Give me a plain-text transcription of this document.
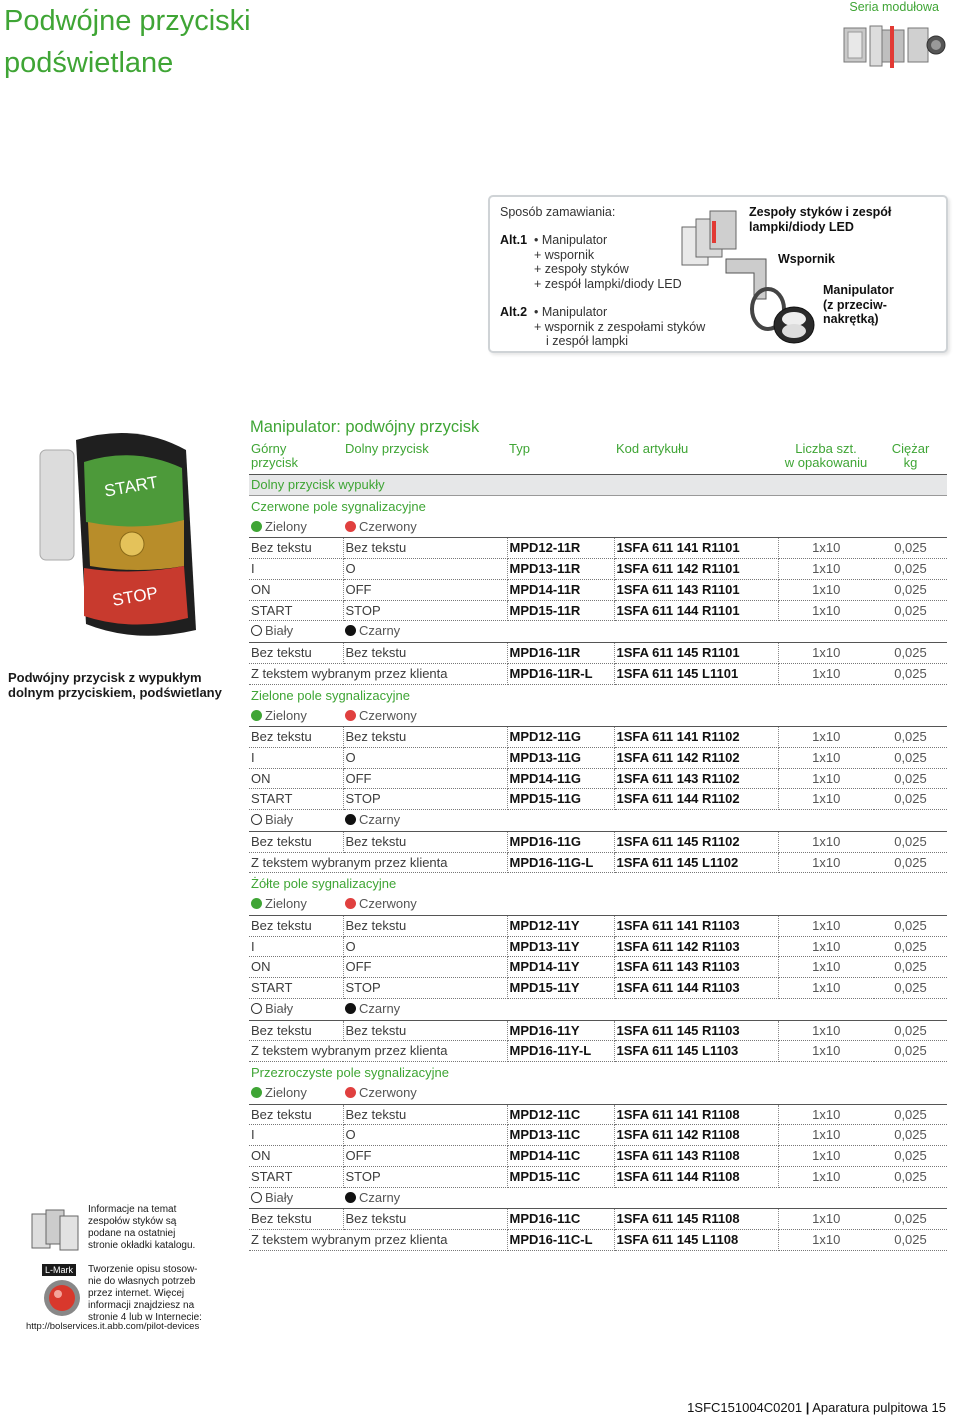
Podwójne przyciski
podświetlane
Seria modułowa
Sposób zamawiania:
Alt.1 • Manipulator
+ wspornik
+ zespoły styków
+ zespół lampki/diody LED
Alt.2 • Manipulator
+ wspornik z zespołami styków
i zespół lampki
Zespoły styków i zespół
lampki/diody LED
Wspornik
Manipulator
(z przeciw-
nakrętką)
START
STOP
Podwójny przycisk z wypukłym
dolnym przyciskiem, podświetlany
Informacje na temat
zespołów styków są
podane na ostatniej
stronie okładki katalogu.
L-Mark	Tworzenie opisu stosow-
nie do własnych potrzeb
przez internet. Więcej
informacji znajdziesz na
stronie 4 lub w Internecie:
http://bolservices.it.abb.com/pilot-devices
Manipulator: podwójny przycisk
Górny
przycisk	Dolny przycisk	Typ	Kod artykułu	Liczba szt.
w opakowaniu	Ciężar
kg
Dolny przycisk wypukły					
Czerwone pole sygnalizacyjne					
Zielony	Czerwony				
Bez tekstu	Bez tekstu	MPD12-11R	1SFA 611 141 R1101	1x10	0,025
I	O	MPD13-11R	1SFA 611 142 R1101	1x10	0,025
ON	OFF	MPD14-11R	1SFA 611 143 R1101	1x10	0,025
START	STOP	MPD15-11R	1SFA 611 144 R1101	1x10	0,025
Biały	Czarny				
Bez tekstu	Bez tekstu	MPD16-11R	1SFA 611 145 R1101	1x10	0,025
Z tekstem wybranym przez klienta		MPD16-11R-L	1SFA 611 145 L1101	1x10	0,025
Zielone pole sygnalizacyjne					
Zielony	Czerwony				
Bez tekstu	Bez tekstu	MPD12-11G	1SFA 611 141 R1102	1x10	0,025
I	O	MPD13-11G	1SFA 611 142 R1102	1x10	0,025
ON	OFF	MPD14-11G	1SFA 611 143 R1102	1x10	0,025
START	STOP	MPD15-11G	1SFA 611 144 R1102	1x10	0,025
Biały	Czarny				
Bez tekstu	Bez tekstu	MPD16-11G	1SFA 611 145 R1102	1x10	0,025
Z tekstem wybranym przez klienta		MPD16-11G-L	1SFA 611 145 L1102	1x10	0,025
Żółte pole sygnalizacyjne					
Zielony	Czerwony				
Bez tekstu	Bez tekstu	MPD12-11Y	1SFA 611 141 R1103	1x10	0,025
I	O	MPD13-11Y	1SFA 611 142 R1103	1x10	0,025
ON	OFF	MPD14-11Y	1SFA 611 143 R1103	1x10	0,025
START	STOP	MPD15-11Y	1SFA 611 144 R1103	1x10	0,025
Biały	Czarny				
Bez tekstu	Bez tekstu	MPD16-11Y	1SFA 611 145 R1103	1x10	0,025
Z tekstem wybranym przez klienta		MPD16-11Y-L	1SFA 611 145 L1103	1x10	0,025
Przezroczyste pole sygnalizacyjne					
Zielony	Czerwony				
Bez tekstu	Bez tekstu	MPD12-11C	1SFA 611 141 R1108	1x10	0,025
I	O	MPD13-11C	1SFA 611 142 R1108	1x10	0,025
ON	OFF	MPD14-11C	1SFA 611 143 R1108	1x10	0,025
START	STOP	MPD15-11C	1SFA 611 144 R1108	1x10	0,025
Biały	Czarny				
Bez tekstu	Bez tekstu	MPD16-11C	1SFA 611 145 R1108	1x10	0,025
Z tekstem wybranym przez klienta		MPD16-11C-L	1SFA 611 145 L1108	1x10	0,025
1SFC151004C0201 | Aparatura pulpitowa 15
